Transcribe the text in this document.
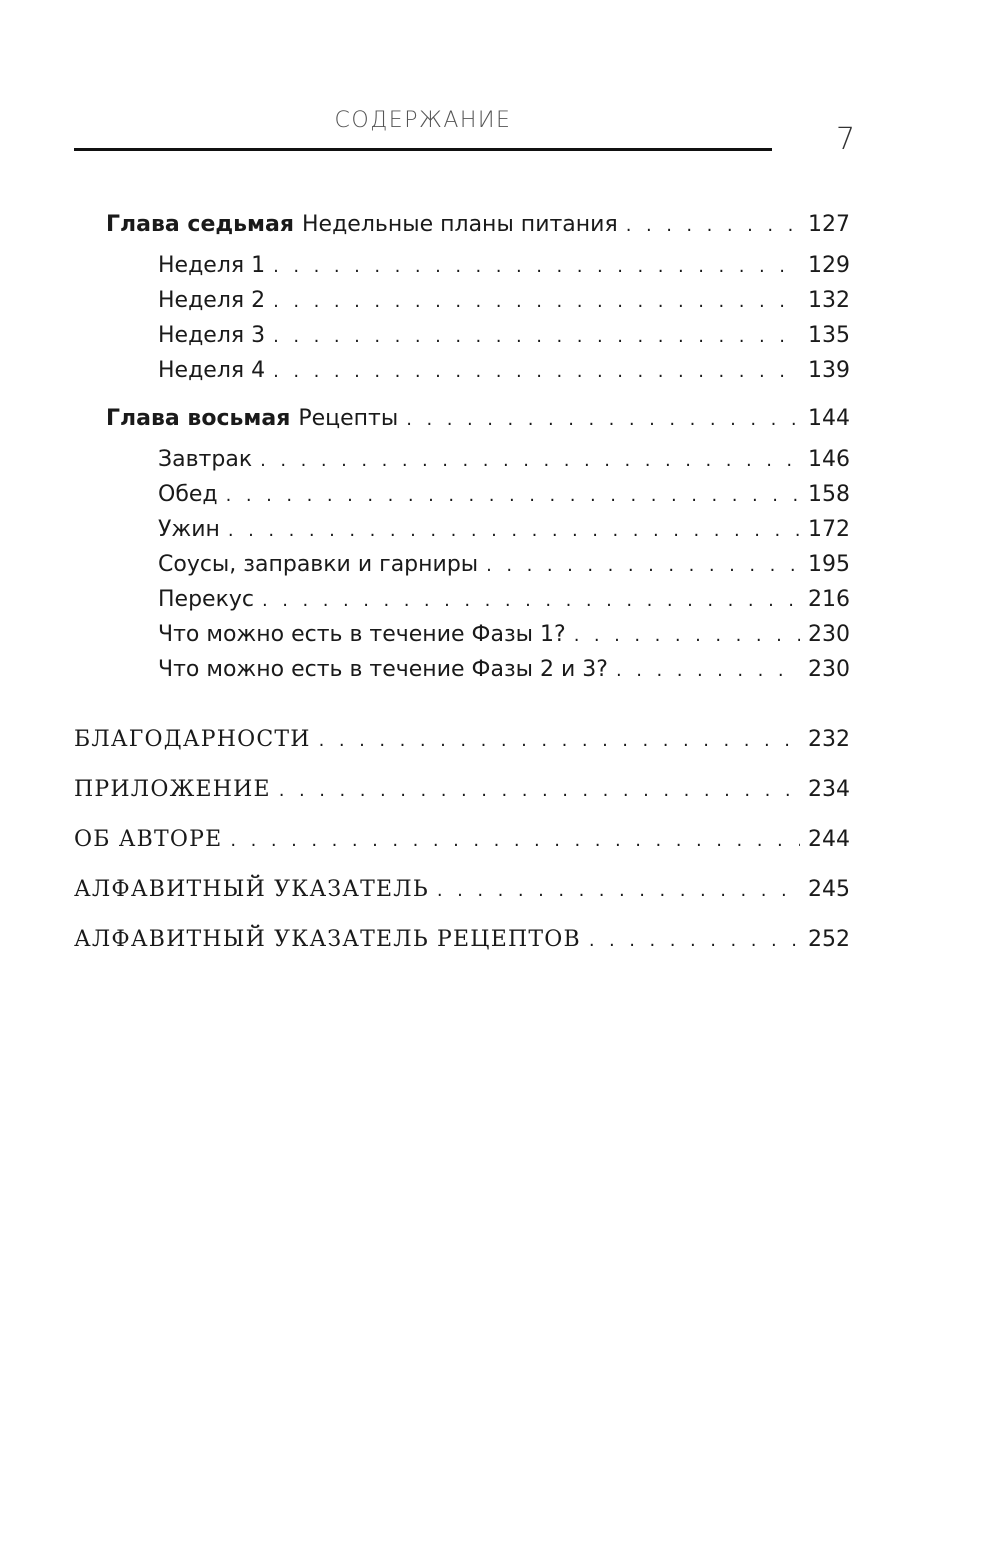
СОДЕРЖАНИЕ
7
Глава седьмая Недельные планы питания . . .	127
Неделя 1 . . .	129
Неделя 2 . . .	132
Неделя 3 . . .	135
Неделя 4 . . .	139
Глава восьмая Рецепты . . .	144
Завтрак . . .	146
Обед . . .	158
Ужин . . .	172
Соусы, заправки и гарниры . . .	195
Перекус . . .	216
Что можно есть в течение Фазы 1? . . .	230
Что можно есть в течение Фазы 2 и 3? . . .	230
БЛАГОДАРНОСТИ . . .	232
ПРИЛОЖЕНИЕ . . .	234
ОБ АВТОРЕ . . .	244
АЛФАВИТНЫЙ УКАЗАТЕЛЬ . . .	245
АЛФАВИТНЫЙ УКАЗАТЕЛЬ РЕЦЕПТОВ . . .	252
